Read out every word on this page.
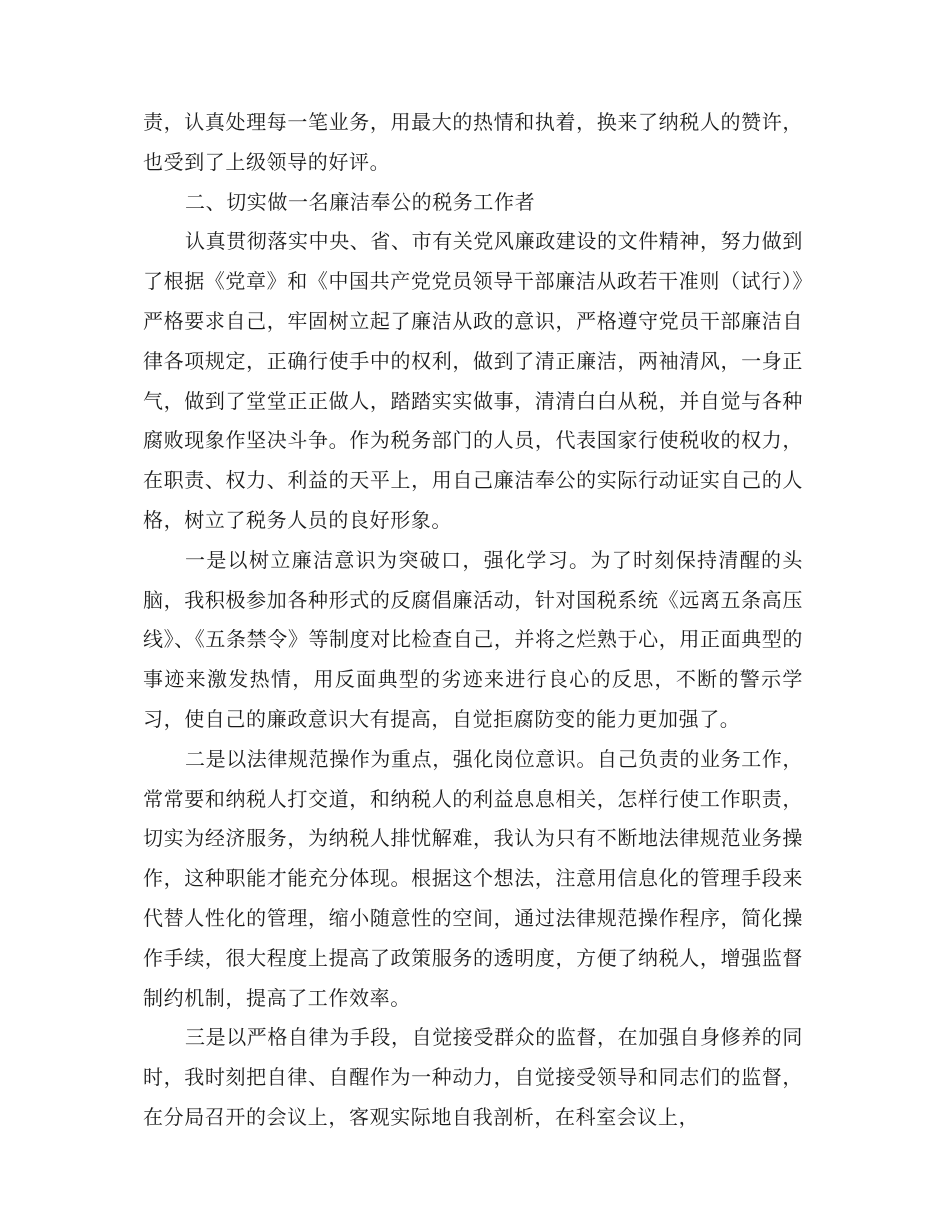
责，认真处理每一笔业务，用最大的热情和执着，换来了纳税人的赞许，也受到了上级领导的好评。

二、切实做一名廉洁奉公的税务工作者

认真贯彻落实中央、省、市有关党风廉政建设的文件精神，努力做到了根据《党章》和《中国共产党党员领导干部廉洁从政若干准则（试行）》严格要求自己，牢固树立起了廉洁从政的意识，严格遵守党员干部廉洁自律各项规定，正确行使手中的权利，做到了清正廉洁，两袖清风，一身正气，做到了堂堂正正做人，踏踏实实做事，清清白白从税，并自觉与各种腐败现象作坚决斗争。作为税务部门的人员，代表国家行使税收的权力，在职责、权力、利益的天平上，用自己廉洁奉公的实际行动证实自己的人格，树立了税务人员的良好形象。

一是以树立廉洁意识为突破口，强化学习。为了时刻保持清醒的头脑，我积极参加各种形式的反腐倡廉活动，针对国税系统《远离五条高压线》、《五条禁令》等制度对比检查自己，并将之烂熟于心，用正面典型的事迹来激发热情，用反面典型的劣迹来进行良心的反思，不断的警示学习，使自己的廉政意识大有提高，自觉拒腐防变的能力更加强了。

二是以法律规范操作为重点，强化岗位意识。自己负责的业务工作，常常要和纳税人打交道，和纳税人的利益息息相关，怎样行使工作职责，切实为经济服务，为纳税人排忧解难，我认为只有不断地法律规范业务操作，这种职能才能充分体现。根据这个想法，注意用信息化的管理手段来代替人性化的管理，缩小随意性的空间，通过法律规范操作程序，简化操作手续，很大程度上提高了政策服务的透明度，方便了纳税人，增强监督制约机制，提高了工作效率。

三是以严格自律为手段，自觉接受群众的监督，在加强自身修养的同时，我时刻把自律、自醒作为一种动力，自觉接受领导和同志们的监督，在分局召开的会议上，客观实际地自我剖析，在科室会议上，
